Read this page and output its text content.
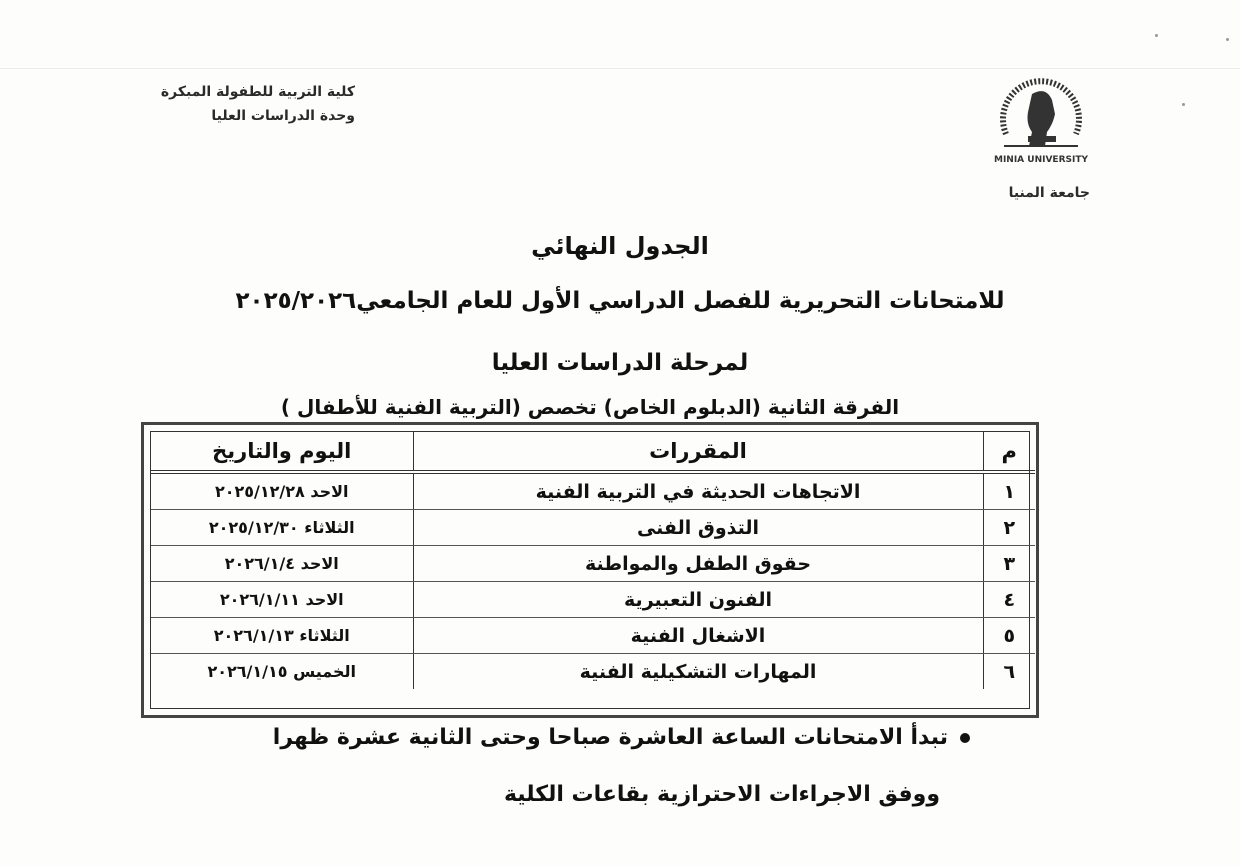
كلية التربية للطفولة المبكرة
وحدة الدراسات العليا
MINIA UNIVERSITY
جامعة المنيا
الجدول النهائي
للامتحانات التحريرية للفصل الدراسي الأول للعام الجامعي٢٠٢٥/٢٠٢٦
لمرحلة الدراسات العليا
الفرقة الثانية (الدبلوم الخاص) تخصص (التربية الفنية للأطفال )
م	المقررات	اليوم والتاريخ
١	الاتجاهات الحديثة في التربية الفنية	الاحد ٢٠٢٥/١٢/٢٨
٢	التذوق الفنى	الثلاثاء ٢٠٢٥/١٢/٣٠
٣	حقوق الطفل والمواطنة	الاحد ٢٠٢٦/١/٤
٤	الفنون التعبيرية	الاحد ٢٠٢٦/١/١١
٥	الاشغال الفنية	الثلاثاء ٢٠٢٦/١/١٣
٦	المهارات التشكيلية الفنية	الخميس ٢٠٢٦/١/١٥
تبدأ الامتحانات الساعة العاشرة صباحا وحتى الثانية عشرة ظهرا
ووفق الاجراءات الاحترازية بقاعات الكلية
